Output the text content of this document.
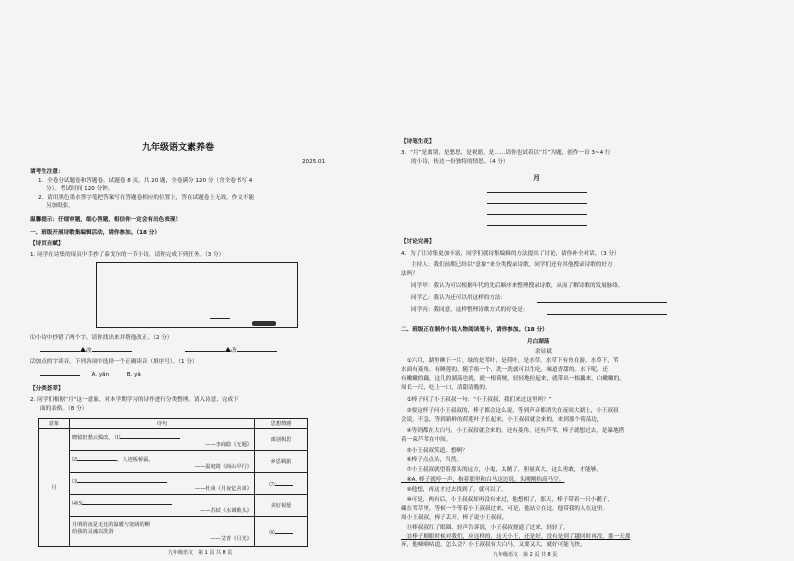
九年级语文素养卷
2025.01
请考生注意：
1．全卷分试题卷和答题卷。试题卷 8 页，共 20 题，全卷满分 120 分（含全卷书写 4
分）。考试时间 120 分钟。
2．请用黑色墨水签字笔把答案写在答题卷相应的位置上，答在试题卷上无效，作文不能
另加纸张。
温馨提示：仔细审题，细心答题，相信你一定会有出色表现！
一、班级开展诗歌集编辑活动，请你参加。（18 分）
【诗页自赋】
1. 同学在诗集的扉页中手抄了泰戈尔的一节小诗，请你完成下列任务。（3 分）
⑴小诗中抄错了两个字，请你找出来并帮他改正。（2 分）
改	改
⑵加点的字读音，下列各项中选择一个正确读音（填序号）。（1 分）
A. yǎn	B. yǎ
【分类荟萃】
2. 同学们根据“月”这一意象，对本学期学习的诗作进行分类整理。请入诗意，完成下
面的表格。（8 分）
意象	诗句	思想情感
月	晓镜但愁云鬓改， ⑴
——李商隐《无题》	离别相思

	⑵ ，人迹板桥霜。
——温庭筠《商山早行》	乡思羁旅

	⑶
——杜甫《月夜忆舍弟》	⑺

	⑷⑸
——苏轼《水调歌头》	美好祝愿

	月明的夜是无比的温暖与宽阔的啊
给我的灵魂以洗浴
——艾青《月光》	⑻
九年级语文　第 1 页 共 8 页
【诗笔生花】
3．“月”是离别，是愁思，是祝愿，是……请你也试着以“月”为题，创作一首 3~4 行
的小诗，传达一份独特的情思。（4 分）
月
【讨论完善】
4．为了让诗集更加丰富，同学们就诗集编辑的方法提出了讨论，请你补全对话。（3 分）
主持人：我们前期已经以“意象”来分类搜录诗歌，同学们还有其他搜录诗歌的好方
法吗？
同学甲：我认为可以根据年代的先后顺序来整理搜录诗歌，从而了解诗歌的发展脉络。
同学乙：我认为还可以用这样的方法：
同学丙：我同意，这样整理诗歌方式的好处是：
二、班级正在制作小说人物阅读笔卡，请你参加。（18 分）
月白湖荡
余显斌
　①六月，湖里睡下一片，绿的是苇叶，是荷叶，是水草。水草下有鱼在游。水草下，苇
水面有菱角，有睡莲的，随手掐一个，洗一洗就可以生吃，味道香甜的。水下呢，还
有嫩嫩的藕，这儿的湖荡也就，就一根荷梗，轻轻地拉起来，就带出一根藕来，白嫩嫩的，
周长一尺，吃上一口，清甜清脆的。
　②棒子问了小王叔叔一句：“小王叔叔，我们来过这里吗？”
　③要这样子问小王叔叔的，棒子都会这么说，等到声音都消失在夜间大湖上，小王叔叔
会说，不急，等到新鲜的荷莲叶子长起来，小王叔叔就会来的，来到那个荷荡边，
　④等到都在大白马，小王叔叔就会来的，还有菱角，还有芦苇，棒子就想过去，是暴地搭
着一束芦苇在中间。
　⑤小王叔叔笑道，想啊？
　⑥棒子点点头，当然。
　⑦小王叔叔就望着那头的远方，小鬼，太精了，胆量真大，这么勇敢，才能够。
　⑧A. 棒子就哼一声，指着那里和白马这边说，头刚刚抬高马空。
　⑨他想，再这才过去找到了，就可以了。
　⑩可是，两有后，小王叔叔却再没有来过，他想相了，那天，棒子带着一只小鹅子，
藏在苇草里，等候一个等着小王叔叔过来，可是，他站立在这，他带我的人在这里。
周小王叔叔，棒子丢开，棒子说小王叔叔。
　⑪棒叔叔红了眼圈，轻声告诉说，小王叔叔便通了过来，轻轻了。
　⑫棒子顺眼时候对我们，应这样的，这天小王，还是好。没有是到了越回时再没，那一天那
弃，他嘀嘀咕道，怎么会？小王叔叔有大白马，又要又大，就好可能飞快。
九年级语文　第 2 页 共 8 页
